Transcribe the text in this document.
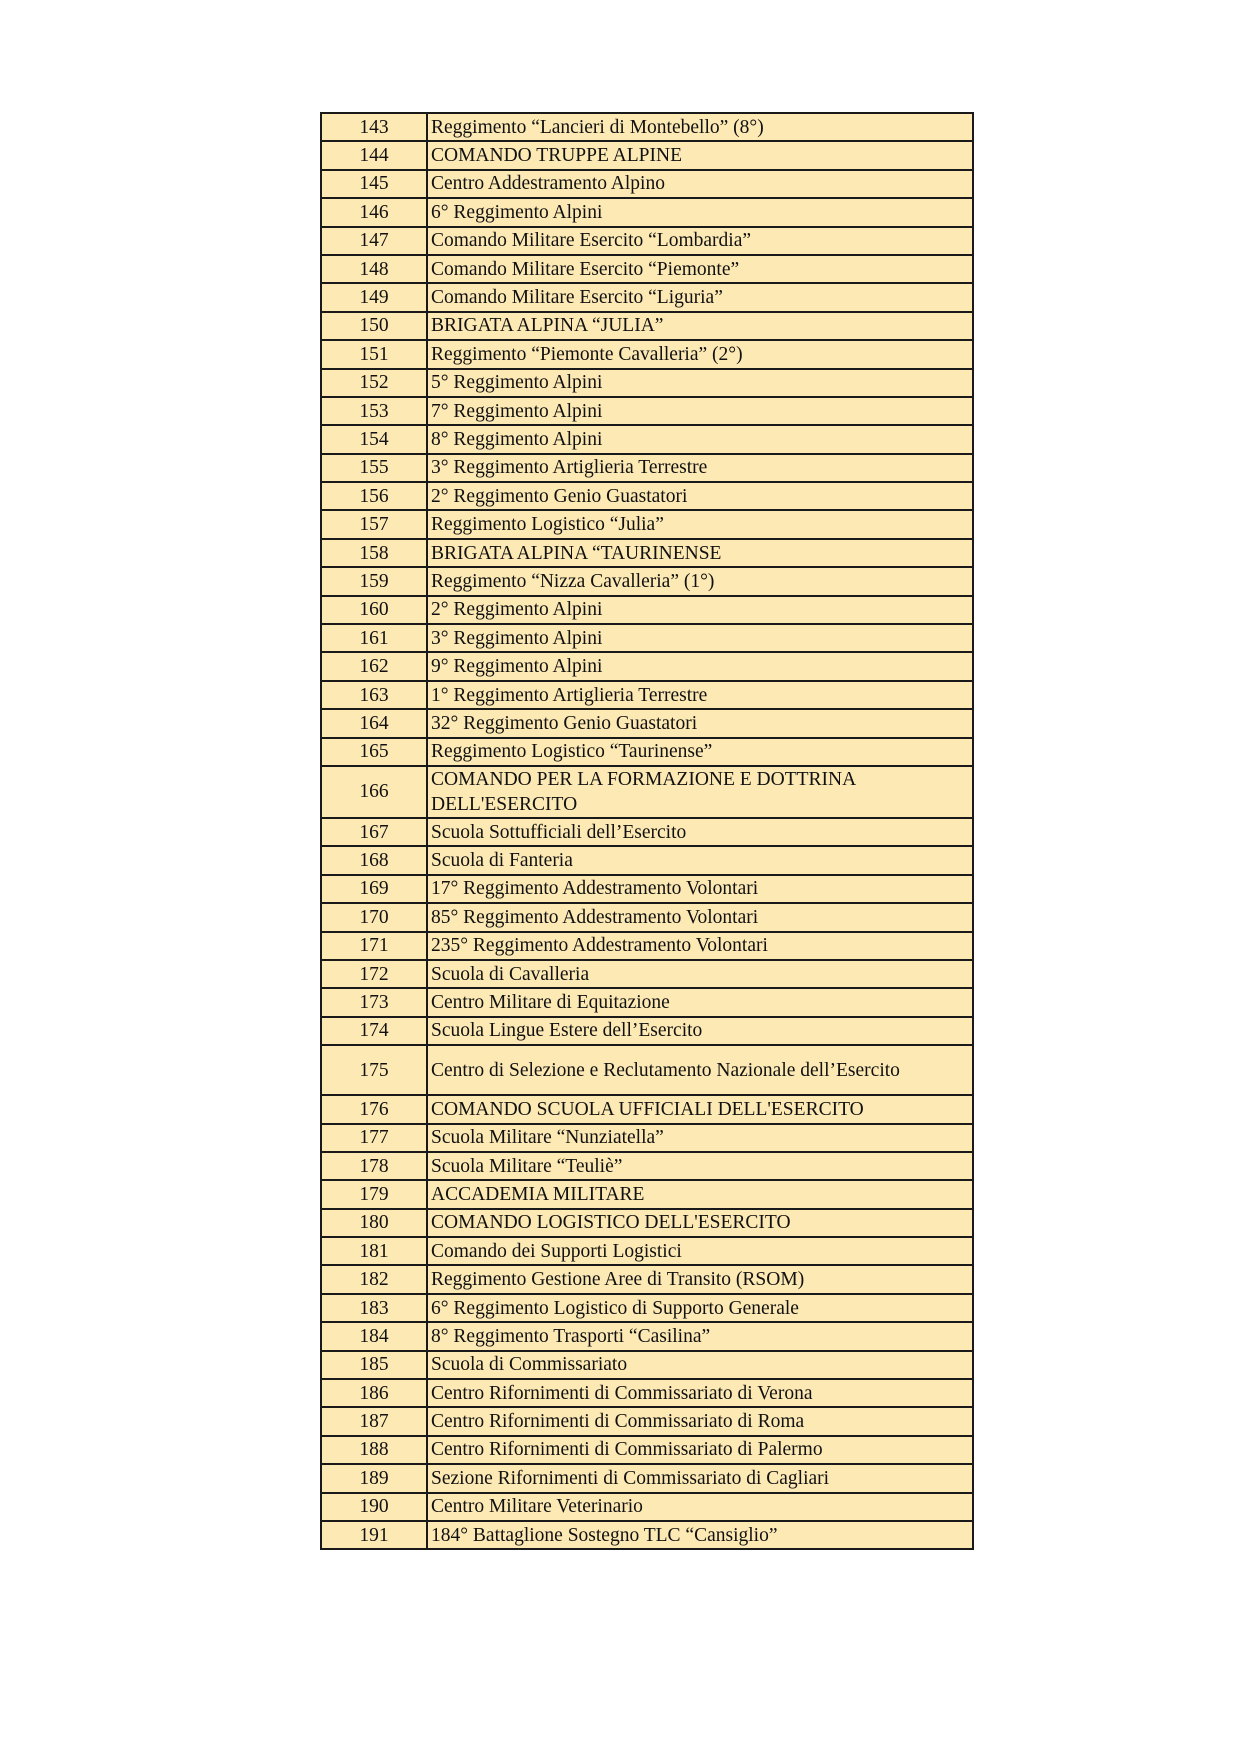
143	Reggimento “Lancieri di Montebello” (8°)
144	COMANDO TRUPPE ALPINE
145	Centro Addestramento Alpino
146	6° Reggimento Alpini
147	Comando Militare Esercito “Lombardia”
148	Comando Militare Esercito “Piemonte”
149	Comando Militare Esercito “Liguria”
150	BRIGATA ALPINA “JULIA”
151	Reggimento “Piemonte Cavalleria” (2°)
152	5° Reggimento Alpini
153	7° Reggimento Alpini
154	8° Reggimento Alpini
155	3° Reggimento Artiglieria Terrestre
156	2° Reggimento Genio Guastatori
157	Reggimento Logistico “Julia”
158	BRIGATA ALPINA “TAURINENSE
159	Reggimento “Nizza Cavalleria” (1°)
160	2° Reggimento Alpini
161	3° Reggimento Alpini
162	9° Reggimento Alpini
163	1° Reggimento Artiglieria Terrestre
164	32° Reggimento Genio Guastatori
165	Reggimento Logistico “Taurinense”
166	COMANDO PER LA FORMAZIONE E DOTTRINA DELL'ESERCITO
167	Scuola Sottufficiali dell’Esercito
168	Scuola di Fanteria
169	17° Reggimento Addestramento Volontari
170	85° Reggimento Addestramento Volontari
171	235° Reggimento Addestramento Volontari
172	Scuola di Cavalleria
173	Centro Militare di Equitazione
174	Scuola Lingue Estere dell’Esercito
175	Centro di Selezione e Reclutamento Nazionale dell’Esercito
176	COMANDO SCUOLA UFFICIALI DELL'ESERCITO
177	Scuola Militare “Nunziatella”
178	Scuola Militare “Teuliè”
179	ACCADEMIA MILITARE
180	COMANDO LOGISTICO DELL'ESERCITO
181	Comando dei Supporti Logistici
182	Reggimento Gestione Aree di Transito (RSOM)
183	6° Reggimento Logistico di Supporto Generale
184	8° Reggimento Trasporti “Casilina”
185	Scuola di Commissariato
186	Centro Rifornimenti di Commissariato di Verona
187	Centro Rifornimenti di Commissariato di Roma
188	Centro Rifornimenti di Commissariato di Palermo
189	Sezione Rifornimenti di Commissariato di Cagliari
190	Centro Militare Veterinario
191	184° Battaglione Sostegno TLC “Cansiglio”
